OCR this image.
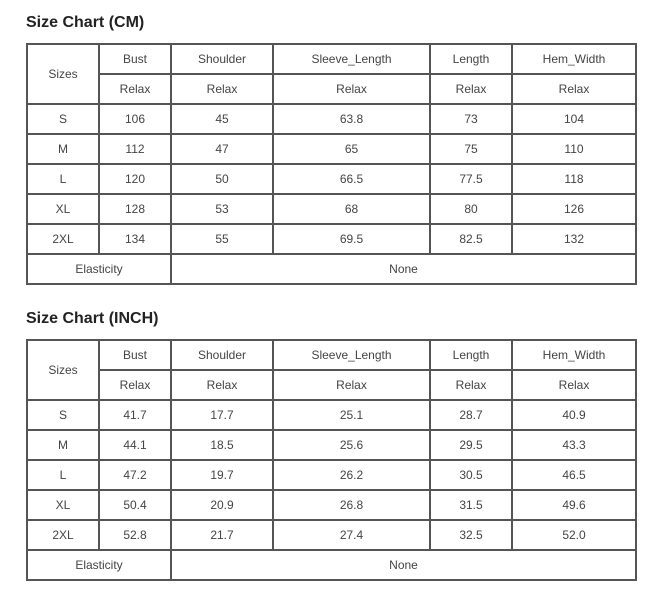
Size Chart (CM)
Sizes	Bust	Shoulder	Sleeve_Length	Length	Hem_Width
	Relax	Relax	Relax	Relax	Relax
S	106	45	63.8	73	104
M	112	47	65	75	110
L	120	50	66.5	77.5	118
XL	128	53	68	80	126
2XL	134	55	69.5	82.5	132
Elasticity		None			
Size Chart (INCH)
Sizes	Bust	Shoulder	Sleeve_Length	Length	Hem_Width
	Relax	Relax	Relax	Relax	Relax
S	41.7	17.7	25.1	28.7	40.9
M	44.1	18.5	25.6	29.5	43.3
L	47.2	19.7	26.2	30.5	46.5
XL	50.4	20.9	26.8	31.5	49.6
2XL	52.8	21.7	27.4	32.5	52.0
Elasticity		None			
